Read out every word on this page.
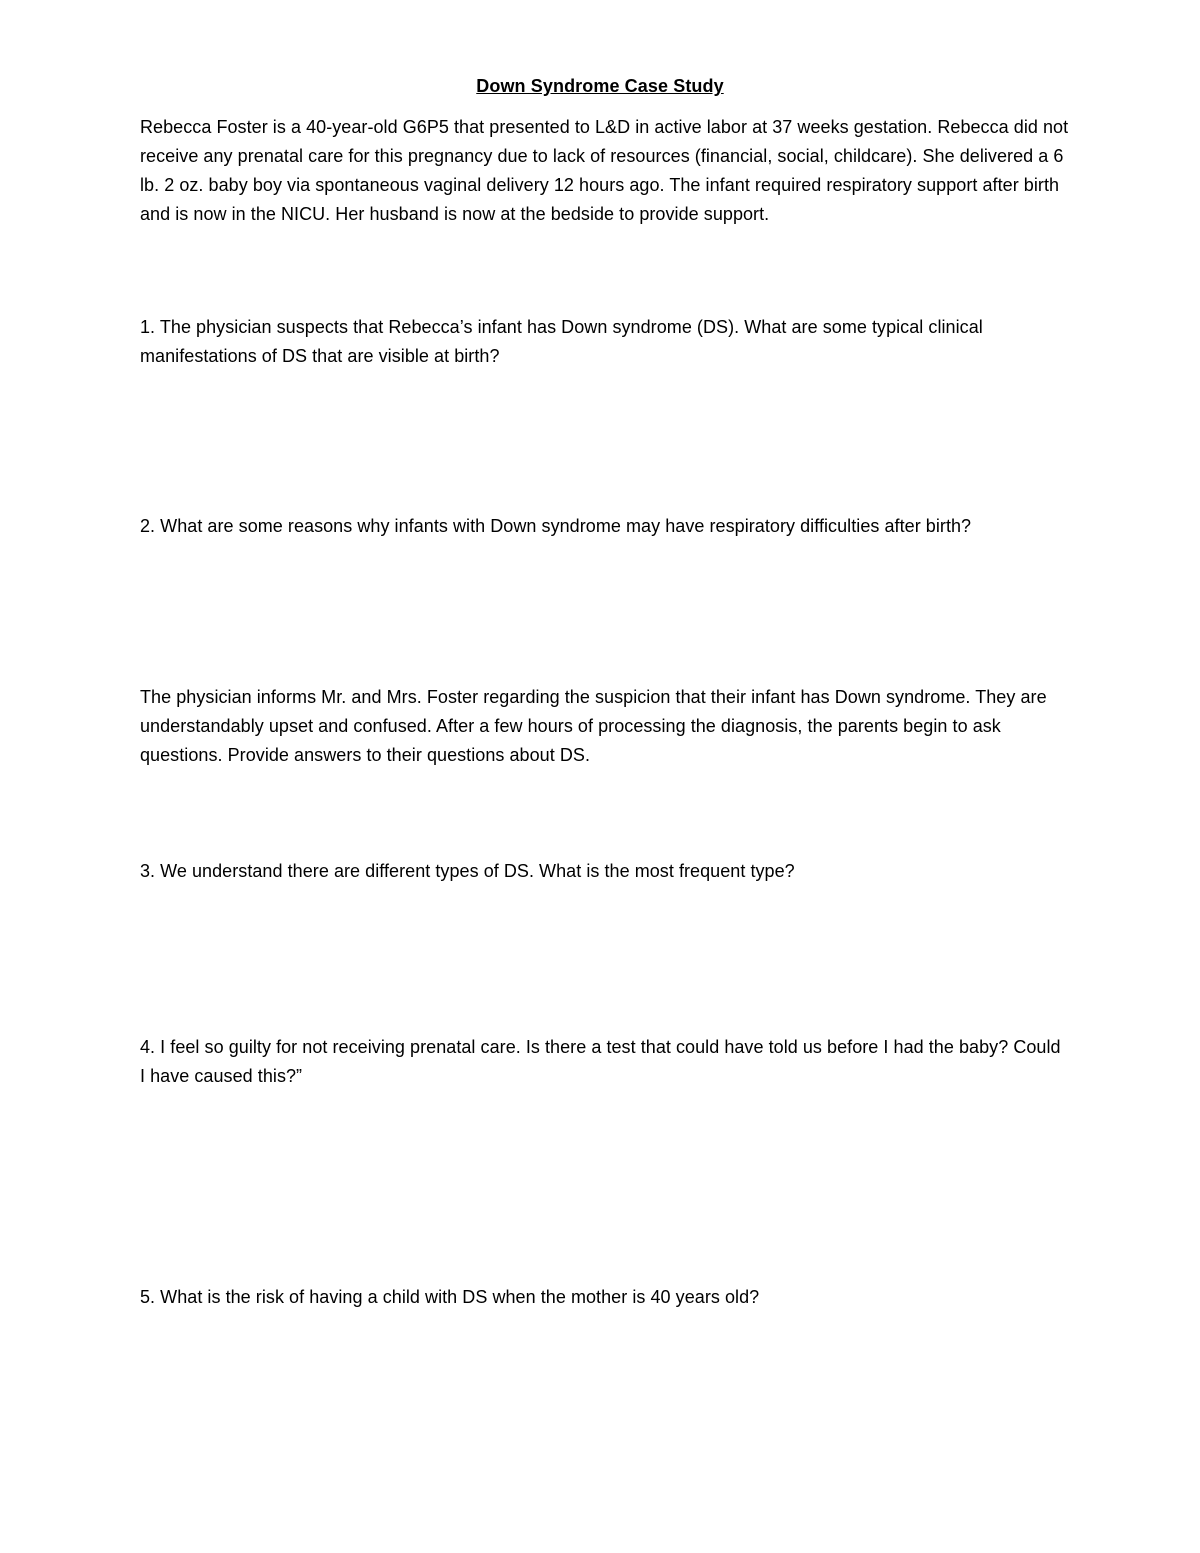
Down Syndrome Case Study

Rebecca Foster is a 40-year-old G6P5 that presented to L&D in active labor at 37 weeks gestation. Rebecca did not receive any prenatal care for this pregnancy due to lack of resources (financial, social, childcare). She delivered a 6 lb. 2 oz. baby boy via spontaneous vaginal delivery 12 hours ago. The infant required respiratory support after birth and is now in the NICU. Her husband is now at the bedside to provide support.

1. The physician suspects that Rebecca’s infant has Down syndrome (DS). What are some typical clinical manifestations of DS that are visible at birth?

2. What are some reasons why infants with Down syndrome may have respiratory difficulties after birth?

The physician informs Mr. and Mrs. Foster regarding the suspicion that their infant has Down syndrome. They are understandably upset and confused. After a few hours of processing the diagnosis, the parents begin to ask questions. Provide answers to their questions about DS.

3. We understand there are different types of DS. What is the most frequent type?

4. I feel so guilty for not receiving prenatal care. Is there a test that could have told us before I had the baby? Could I have caused this?”

5. What is the risk of having a child with DS when the mother is 40 years old?
